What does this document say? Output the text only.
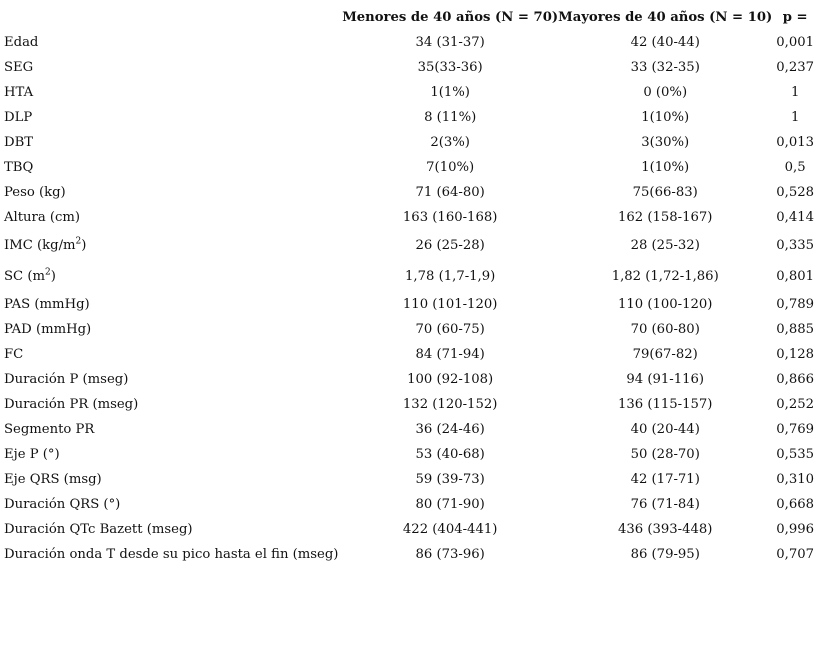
	Menores de 40 años (N = 70)	Mayores de 40 años (N = 10)	p =
Edad	34 (31-37)	42 (40-44)	0,001
SEG	35(33-36)	33 (32-35)	0,237
HTA	1(1%)	0 (0%)	1
DLP	8 (11%)	1(10%)	1
DBT	2(3%)	3(30%)	0,013
TBQ	7(10%)	1(10%)	0,5
Peso (kg)	71 (64-80)	75(66-83)	0,528
Altura (cm)	163 (160-168)	162 (158-167)	0,414
IMC $(kg/m^2)$	26 (25-28)	28 (25-32)	0,335
SC $(m^2)$	1,78 (1,7-1,9)	1,82 (1,72-1,86)	0,801
PAS (mmHg)	110 (101-120)	110 (100-120)	0,789
PAD (mmHg)	70 (60-75)	70 (60-80)	0,885
FC	84 (71-94)	79(67-82)	0,128
Duración P (mseg)	100 (92-108)	94 (91-116)	0,866
Duración PR (mseg)	132 (120-152)	136 (115-157)	0,252
Segmento PR	36 (24-46)	40 (20-44)	0,769
Eje P (°)	53 (40-68)	50 (28-70)	0,535
Eje QRS (msg)	59 (39-73)	42 (17-71)	0,310
Duración QRS (°)	80 (71-90)	76 (71-84)	0,668
Duración QTc Bazett (mseg)	422 (404-441)	436 (393-448)	0,996
Duración onda T desde su pico hasta el fin (mseg)	86 (73-96)	86 (79-95)	0,707
